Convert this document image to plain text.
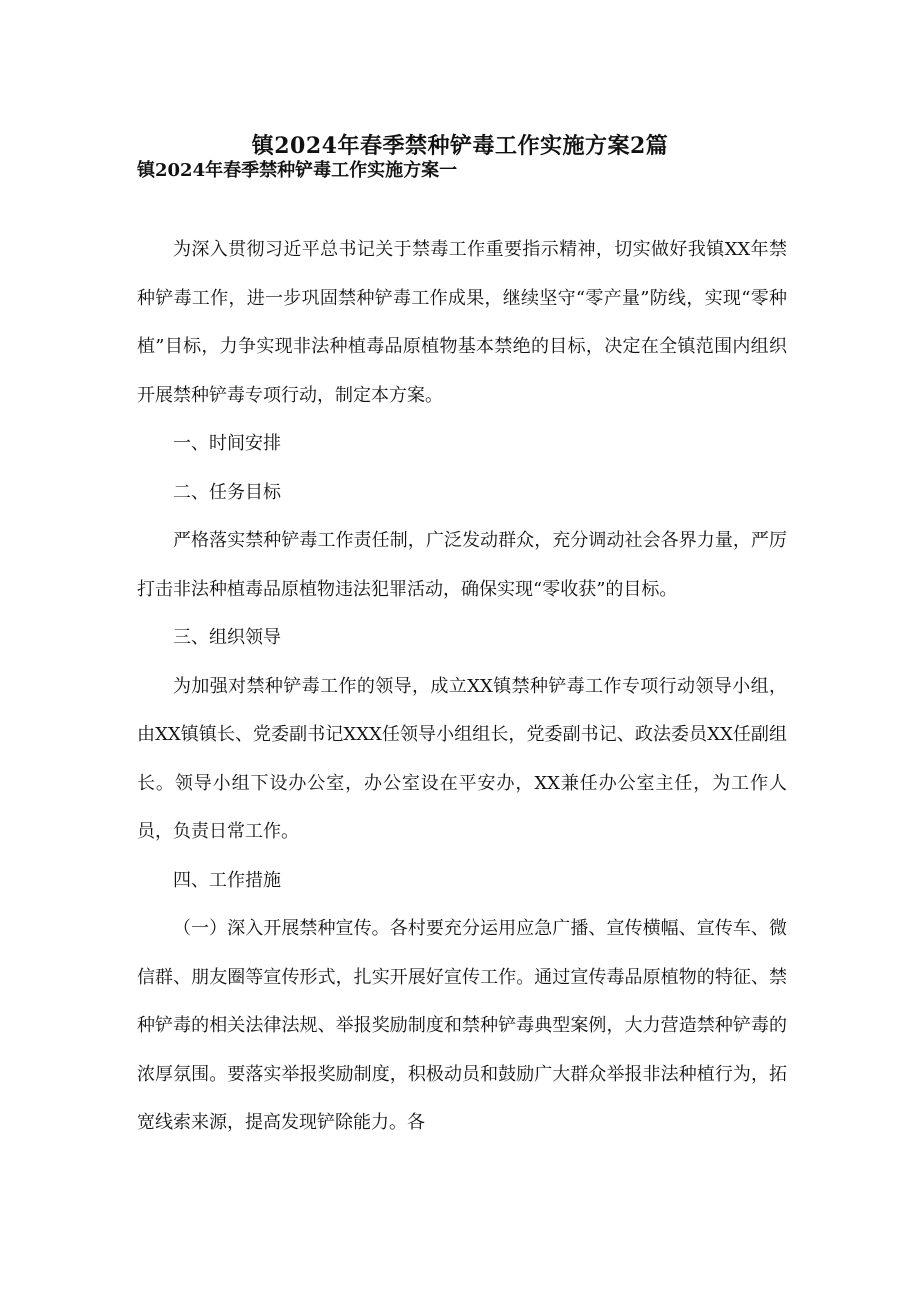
镇2024年春季禁种铲毒工作实施方案2篇
镇2024年春季禁种铲毒工作实施方案一

为深入贯彻习近平总书记关于禁毒工作重要指示精神，切实做好我镇XX年禁种铲毒工作，进一步巩固禁种铲毒工作成果，继续坚守“零产量”防线，实现“零种植”目标，力争实现非法种植毒品原植物基本禁绝的目标，决定在全镇范围内组织开展禁种铲毒专项行动，制定本方案。

一、时间安排

二、任务目标

严格落实禁种铲毒工作责任制，广泛发动群众，充分调动社会各界力量，严厉打击非法种植毒品原植物违法犯罪活动，确保实现“零收获”的目标。

三、组织领导

为加强对禁种铲毒工作的领导，成立XX镇禁种铲毒工作专项行动领导小组，由XX镇镇长、党委副书记XXX任领导小组组长，党委副书记、政法委员XX任副组长。领导小组下设办公室，办公室设在平安办，XX兼任办公室主任，为工作人员，负责日常工作。

四、工作措施

（一）深入开展禁种宣传。各村要充分运用应急广播、宣传横幅、宣传车、微信群、朋友圈等宣传形式，扎实开展好宣传工作。通过宣传毒品原植物的特征、禁种铲毒的相关法律法规、举报奖励制度和禁种铲毒典型案例，大力营造禁种铲毒的浓厚氛围。要落实举报奖励制度，积极动员和鼓励广大群众举报非法种植行为，拓宽线索来源，提高发现铲除能力。各
